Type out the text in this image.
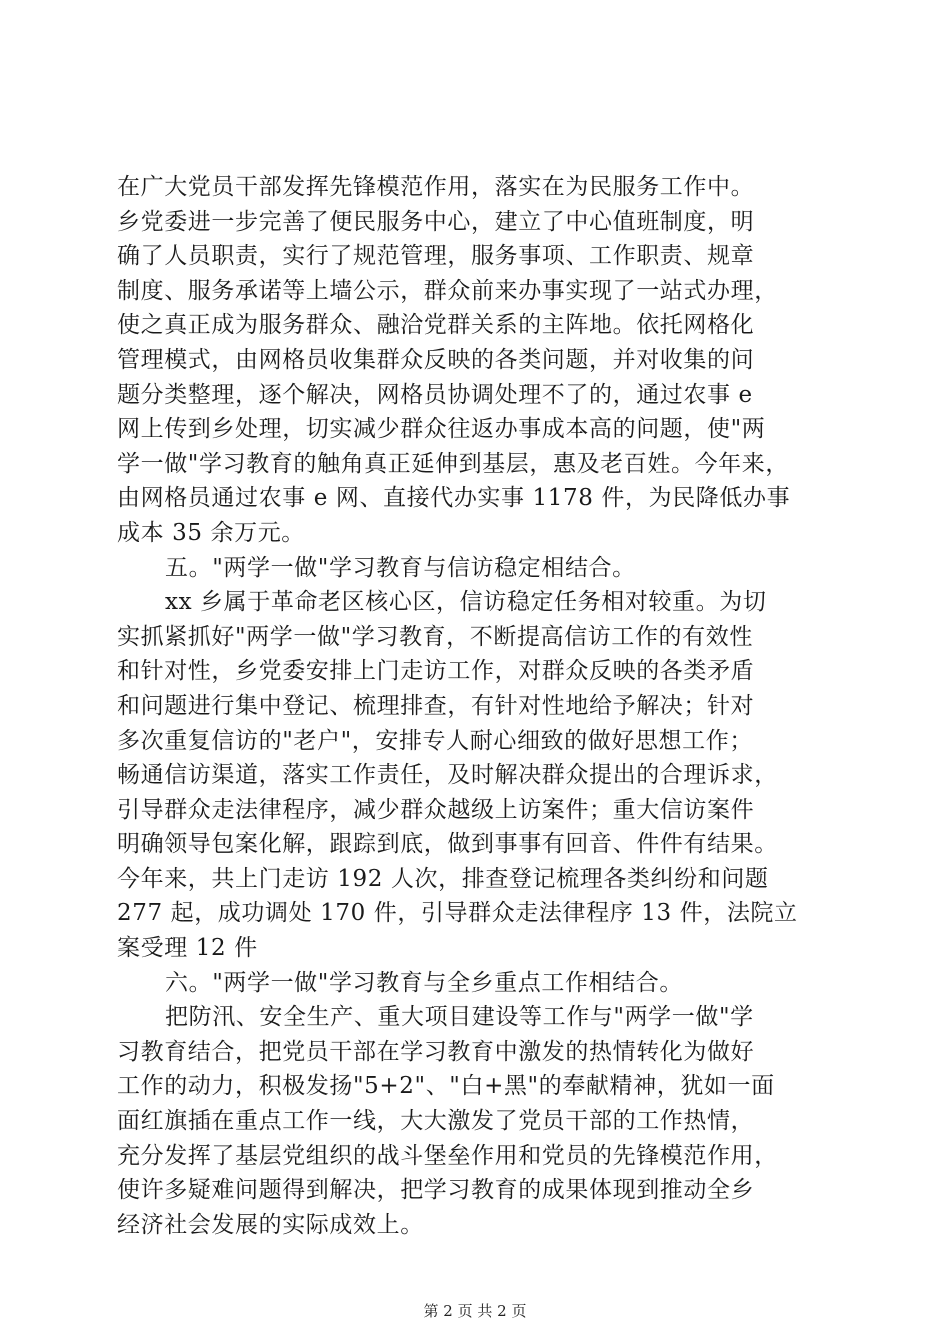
在广大党员干部发挥先锋模范作用，落实在为民服务工作中。
乡党委进一步完善了便民服务中心，建立了中心值班制度，明
确了人员职责，实行了规范管理，服务事项、工作职责、规章
制度、服务承诺等上墙公示，群众前来办事实现了一站式办理，
使之真正成为服务群众、融洽党群关系的主阵地。依托网格化
管理模式，由网格员收集群众反映的各类问题，并对收集的问
题分类整理，逐个解决，网格员协调处理不了的，通过农事 e
网上传到乡处理，切实减少群众往返办事成本高的问题，使"两
学一做"学习教育的触角真正延伸到基层，惠及老百姓。今年来，
由网格员通过农事 e 网、直接代办实事 1178 件，为民降低办事
成本 35 余万元。
五。"两学一做"学习教育与信访稳定相结合。
xx 乡属于革命老区核心区，信访稳定任务相对较重。为切
实抓紧抓好"两学一做"学习教育，不断提高信访工作的有效性
和针对性，乡党委安排上门走访工作，对群众反映的各类矛盾
和问题进行集中登记、梳理排查，有针对性地给予解决；针对
多次重复信访的"老户"，安排专人耐心细致的做好思想工作；
畅通信访渠道，落实工作责任，及时解决群众提出的合理诉求，
引导群众走法律程序，减少群众越级上访案件；重大信访案件
明确领导包案化解，跟踪到底，做到事事有回音、件件有结果。
今年来，共上门走访 192 人次，排查登记梳理各类纠纷和问题
277 起，成功调处 170 件，引导群众走法律程序 13 件，法院立
案受理 12 件
六。"两学一做"学习教育与全乡重点工作相结合。
把防汛、安全生产、重大项目建设等工作与"两学一做"学
习教育结合，把党员干部在学习教育中激发的热情转化为做好
工作的动力，积极发扬"5+2"、"白+黑"的奉献精神，犹如一面
面红旗插在重点工作一线，大大激发了党员干部的工作热情，
充分发挥了基层党组织的战斗堡垒作用和党员的先锋模范作用，
使许多疑难问题得到解决，把学习教育的成果体现到推动全乡
经济社会发展的实际成效上。
第 2 页 共 2 页
